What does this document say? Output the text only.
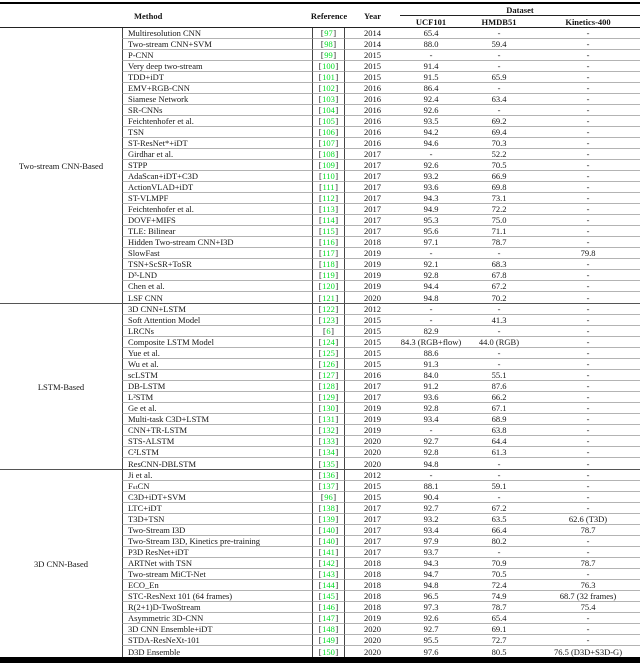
Method	Reference	Year
Dataset
UCF101	HMDB51	Kinetics-400
Two-stream CNN-Based
Multiresolution CNN	[ 97 ]	2014	65.4	-	-
Two-stream CNN+SVM	[ 98 ]	2014	88.0	59.4	-
P-CNN	[ 99 ]	2015	-	-	-
Very deep two-stream	[ 100 ]	2015	91.4	-	-
TDD+iDT	[ 101 ]	2015	91.5	65.9	-
EMV+RGB-CNN	[ 102 ]	2016	86.4	-	-
Siamese Network	[ 103 ]	2016	92.4	63.4	-
SR-CNNs	[ 104 ]	2016	92.6	-	-
Feichtenhofer et al.	[ 105 ]	2016	93.5	69.2	-
TSN	[ 106 ]	2016	94.2	69.4	-
ST-ResNet*+iDT	[ 107 ]	2016	94.6	70.3	-
Girdhar et al.	[ 108 ]	2017	-	52.2	-
STPP	[ 109 ]	2017	92.6	70.5	-
AdaScan+iDT+C3D	[ 110 ]	2017	93.2	66.9	-
ActionVLAD+iDT	[ 111 ]	2017	93.6	69.8	-
ST-VLMPF	[ 112 ]	2017	94.3	73.1	-
Feichtenhofer et al.	[ 113 ]	2017	94.9	72.2	-
DOVF+MIFS	[ 114 ]	2017	95.3	75.0	-
TLE: Bilinear	[ 115 ]	2017	95.6	71.1	-
Hidden Two-stream CNN+I3D	[ 116 ]	2018	97.1	78.7	-
SlowFast	[ 117 ]	2019	-	-	79.8
TSN+ScSR+ToSR	[ 118 ]	2019	92.1	68.3	-
D³-LND	[ 119 ]	2019	92.8	67.8	-
Chen et al.	[ 120 ]	2019	94.4	67.2	-
LSF CNN	[ 121 ]	2020	94.8	70.2	-
LSTM-Based
3D CNN+LSTM	[ 122 ]	2012	-	-	-
Soft Attention Model	[ 123 ]	2015	-	41.3	-
LRCNs	[ 6 ]	2015	82.9	-	-
Composite LSTM Model	[ 124 ]	2015	84.3 (RGB+flow)	44.0 (RGB)	-
Yue et al.	[ 125 ]	2015	88.6	-	-
Wu et al.	[ 126 ]	2015	91.3	-	-
scLSTM	[ 127 ]	2016	84.0	55.1	-
DB-LSTM	[ 128 ]	2017	91.2	87.6	-
L²STM	[ 129 ]	2017	93.6	66.2	-
Ge et al.	[ 130 ]	2019	92.8	67.1	-
Multi-task C3D+LSTM	[ 131 ]	2019	93.4	68.9	-
CNN+TR-LSTM	[ 132 ]	2019	-	63.8	-
STS-ALSTM	[ 133 ]	2020	92.7	64.4	-
C²LSTM	[ 134 ]	2020	92.8	61.3	-
ResCNN-DBLSTM	[ 135 ]	2020	94.8	-	-
3D CNN-Based
Ji et al.	[ 136 ]	2012	-	-	-
FₛₜCN	[ 137 ]	2015	88.1	59.1	-
C3D+iDT+SVM	[ 96 ]	2015	90.4	-	-
LTC+iDT	[ 138 ]	2017	92.7	67.2	-
T3D+TSN	[ 139 ]	2017	93.2	63.5	62.6 (T3D)
Two-Stream I3D	[ 140 ]	2017	93.4	66.4	78.7
Two-Stream I3D, Kinetics pre-training	[ 140 ]	2017	97.9	80.2	-
P3D ResNet+iDT	[ 141 ]	2017	93.7	-	-
ARTNet with TSN	[ 142 ]	2018	94.3	70.9	78.7
Two-stream MiCT-Net	[ 143 ]	2018	94.7	70.5	-
ECO_En	[ 144 ]	2018	94.8	72.4	76.3
STC-ResNext 101 (64 frames)	[ 145 ]	2018	96.5	74.9	68.7 (32 frames)
R(2+1)D-TwoStream	[ 146 ]	2018	97.3	78.7	75.4
Asymmetric 3D-CNN	[ 147 ]	2019	92.6	65.4	-
3D CNN Ensemble+iDT	[ 148 ]	2020	92.7	69.1	-
STDA-ResNeXt-101	[ 149 ]	2020	95.5	72.7	-
D3D Ensemble	[ 150 ]	2020	97.6	80.5	76.5 (D3D+S3D-G)
